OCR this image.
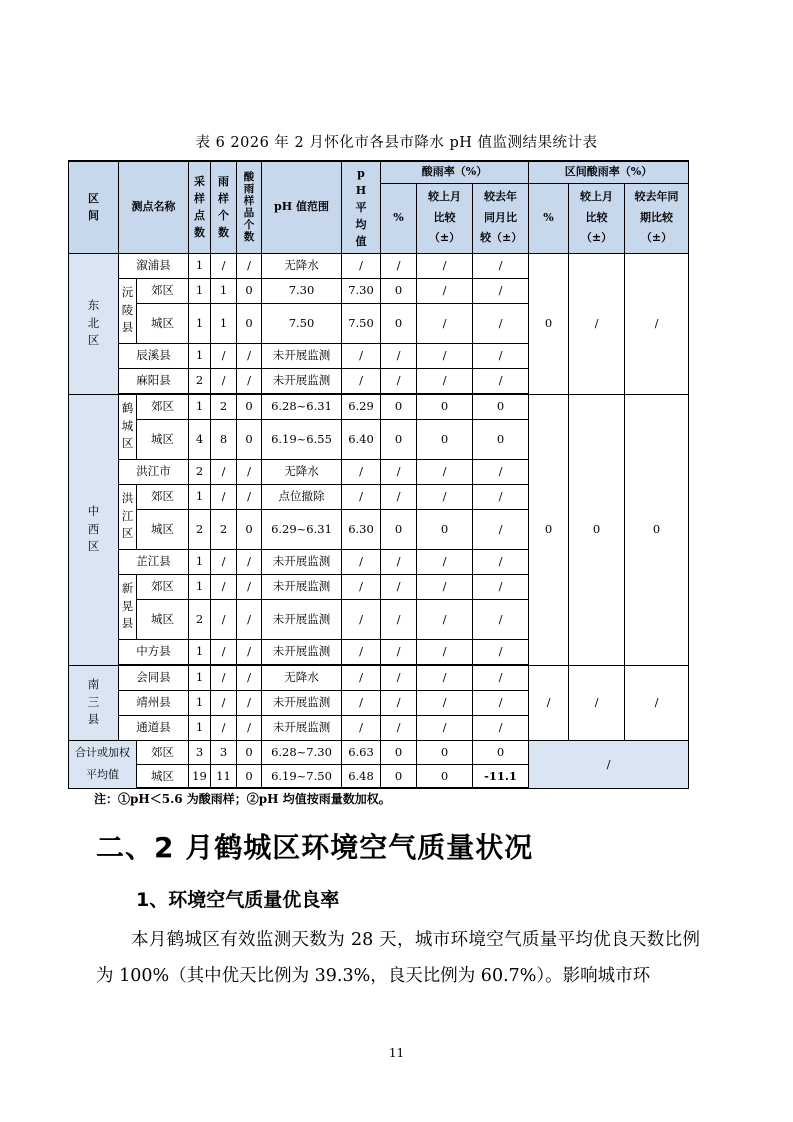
表 6 2026 年 2 月怀化市各县市降水 pH 值监测结果统计表
区间	测点名称		采样点数	雨样个数	酸雨样品个数	pH 值范围	pH平均值	酸雨率（%）			区间酸雨率（%）		
								%	较上月比较（±）	较去年同月比较（±）	%	较上月比较（±）	较去年同期比较（±）
东北区	溆浦县		1	/	/	无降水	/	/	/	/	0	/	/
	沅陵县	郊区	1	1	0	7.30	7.30	0	/	/			
		城区	1	1	0	7.50	7.50	0	/	/			
	辰溪县		1	/	/	未开展监测	/	/	/	/			
	麻阳县		2	/	/	未开展监测	/	/	/	/			

中西区	鹤城区	郊区	1	2	0	6.28~6.31	6.29	0	0	0	0	0	0
		城区	4	8	0	6.19~6.55	6.40	0	0	0			
	洪江市		2	/	/	无降水	/	/	/	/			
	洪江区	郊区	1	/	/	点位撤除	/	/	/	/			
		城区	2	2	0	6.29~6.31	6.30	0	0	/			
	芷江县		1	/	/	未开展监测	/	/	/	/			
	新晃县	郊区	1	/	/	未开展监测	/	/	/	/			
		城区	2	/	/	未开展监测	/	/	/	/			
	中方县		1	/	/	未开展监测	/	/	/	/			

南三县	会同县		1	/	/	无降水	/	/	/	/	/	/	/
	靖州县		1	/	/	未开展监测	/	/	/	/			
	通道县		1	/	/	未开展监测	/	/	/	/			
合计或加权平均值		郊区	3	3	0	6.28~7.30	6.63	0	0	0	/		
		城区	19	11	0	6.19~7.50	6.48	0	0	-11.1			
注：①pH＜5.6 为酸雨样；②pH 均值按雨量数加权。
二、2 月鹤城区环境空气质量状况
1、环境空气质量优良率
本月鹤城区有效监测天数为 28 天，城市环境空气质量平均优良天数比例为 100%（其中优天比例为 39.3%，良天比例为 60.7%）。影响城市环
11
